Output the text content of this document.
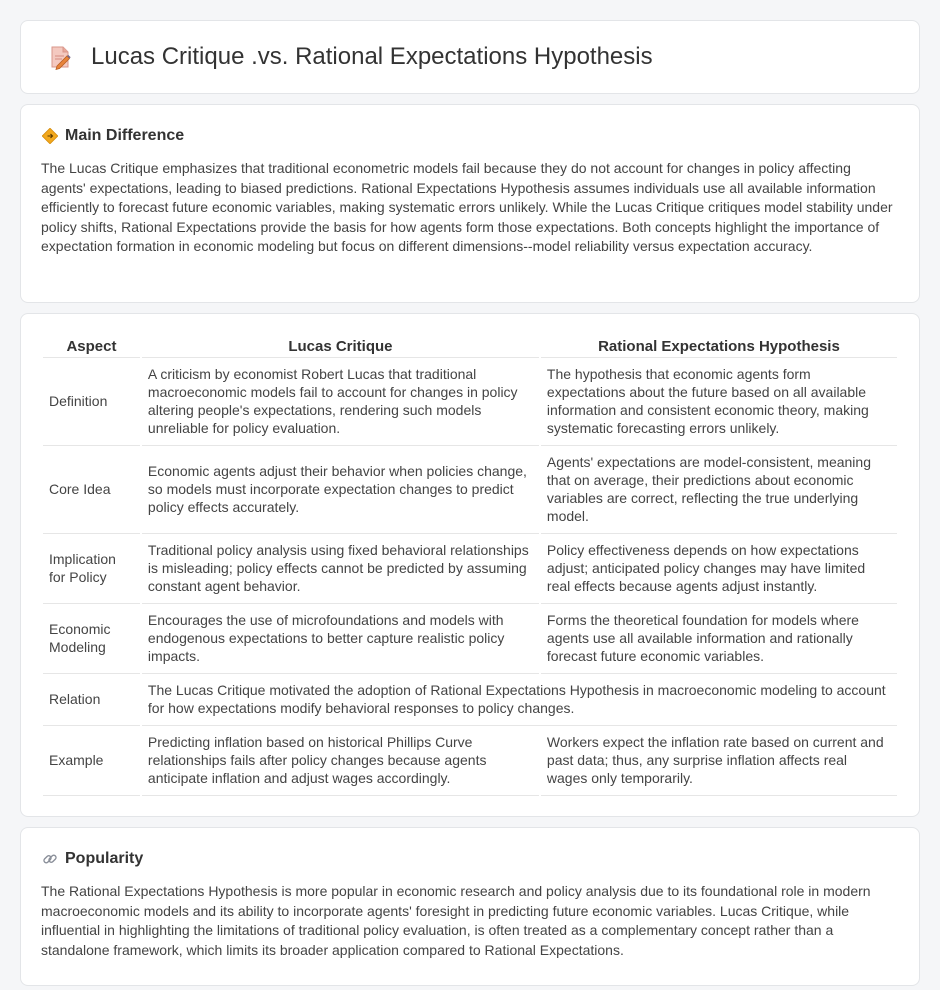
Lucas Critique .vs. Rational Expectations Hypothesis
Main Difference

The Lucas Critique emphasizes that traditional econometric models fail because they do not account for changes in policy affecting agents' expectations, leading to biased predictions. Rational Expectations Hypothesis assumes individuals use all available information efficiently to forecast future economic variables, making systematic errors unlikely. While the Lucas Critique critiques model stability under policy shifts, Rational Expectations provide the basis for how agents form those expectations. Both concepts highlight the importance of expectation formation in economic modeling but focus on different dimensions--model reliability versus expectation accuracy.

Aspect	Lucas Critique	Rational Expectations Hypothesis
Definition	A criticism by economist Robert Lucas that traditional macroeconomic models fail to account for changes in policy altering people's expectations, rendering such models unreliable for policy evaluation.	The hypothesis that economic agents form expectations about the future based on all available information and consistent economic theory, making systematic forecasting errors unlikely.
Core Idea	Economic agents adjust their behavior when policies change, so models must incorporate expectation changes to predict policy effects accurately.	Agents' expectations are model-consistent, meaning that on average, their predictions about economic variables are correct, reflecting the true underlying model.
Implication for Policy	Traditional policy analysis using fixed behavioral relationships is misleading; policy effects cannot be predicted by assuming constant agent behavior.	Policy effectiveness depends on how expectations adjust; anticipated policy changes may have limited real effects because agents adjust instantly.
Economic Modeling	Encourages the use of microfoundations and models with endogenous expectations to better capture realistic policy impacts.	Forms the theoretical foundation for models where agents use all available information and rationally forecast future economic variables.
Relation	The Lucas Critique motivated the adoption of Rational Expectations Hypothesis in macroeconomic modeling to account for how expectations modify behavioral responses to policy changes.	
Example	Predicting inflation based on historical Phillips Curve relationships fails after policy changes because agents anticipate inflation and adjust wages accordingly.	Workers expect the inflation rate based on current and past data; thus, any surprise inflation affects real wages only temporarily.
Popularity

The Rational Expectations Hypothesis is more popular in economic research and policy analysis due to its foundational role in modern macroeconomic models and its ability to incorporate agents' foresight in predicting future economic variables. Lucas Critique, while influential in highlighting the limitations of traditional policy evaluation, is often treated as a complementary concept rather than a standalone framework, which limits its broader application compared to Rational Expectations.
